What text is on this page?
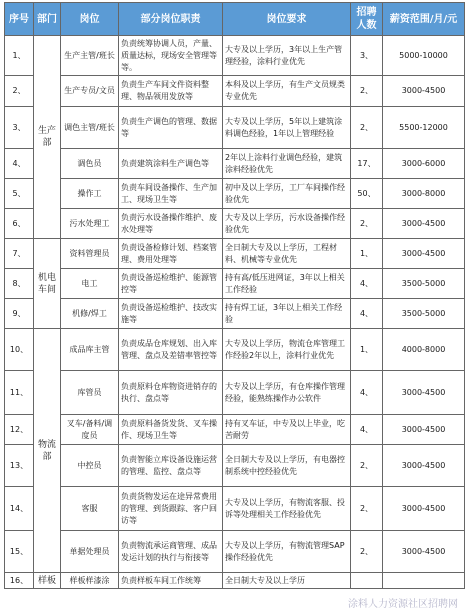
序号	部门	岗位	部分岗位职责	岗位要求	招聘人数	薪资范围/月/元
1、	生产部	生产主管/班长	负责统筹协调人员，产量、质量达标，现场安全管理等等。	大专及以上学历，3年以上生产管理经验，涂料行业优先	3、	5000-10000
2、		生产专员/文员	负责生产车间文件资料整理、物品领用发放等	本科及以上学历，有生产文员规类专业优先	2、	3000-4500
3、		调色主管/班长	负责生产调色的管理、数据等	大专及以上学历，5年以上建筑涂料调色经验，1年以上管理经验	2、	5500-12000
4、		调色员	负责建筑涂料生产调色等	2年以上涂料行业调色经验，建筑涂料经验优先	17、	3000-6000
5、		操作工	负责车间设备操作、生产加工、现场卫生等	初中及以上学历，工厂车间操作经验优先	50、	3000-8000
6、		污水处理工	负责污水设备操作维护、废水处理等	大专及以上学历，污水设备操作经验优先	2、	3000-4500
7、	机电车间	资料管理员	负责设备检修计划、档案管理、费用处理等	全日制大专及以上学历，工程材料、机械等专业优先	1、	3000-4500
8、		电工	负责设备巡检维护、能源管控等	持有高/低压进网证，3年以上相关工作经验	4、	3500-5000
9、		机修/焊工	负责设备巡检维护、技改实施等	持有焊工证，3年以上相关工作经验	4、	3500-5000
10、	物流部	成品库主管	负责成品仓库规划、出入库管理、盘点及差错率管控等	大专及以上学历，物流仓库管理工作经验2年以上，涂料行业优先	1、	4000-8000
11、		库管员	负责原料仓库物资进销存的执行、盘点等	大专及以上学历，有仓库操作管理经验，能熟练操作办公软件	4、	3000-4500
12、		叉车/备料/调度员	负责原料备货发货、叉车操作、现场卫生等	持有叉车证，中专及以上毕业，吃苦耐劳	4、	3000-4500
13、		中控员	负责智能立库设备设施运营的管理、监控、盘点等	全日制大专及以上学历，有电器控制系统中控经验优先	2、	3000-4500
14、		客服	负责货物发运在途异常费用的管理、到货跟踪、客户回访等	大专及以上学历，有物流客服、投诉等处理相关工作经验优先	2、	3000-4500
15、		单据处理员	负责物流承运商管理、成品发运计划的执行与衔接等	大专及以上学历，有物流管理SAP操作经验优先	2、	3000-4500
16、	样板	样板样漆涂	负责样板车间工作统筹	全日制大专及以上学历		
涂料人力资源社区招聘网
